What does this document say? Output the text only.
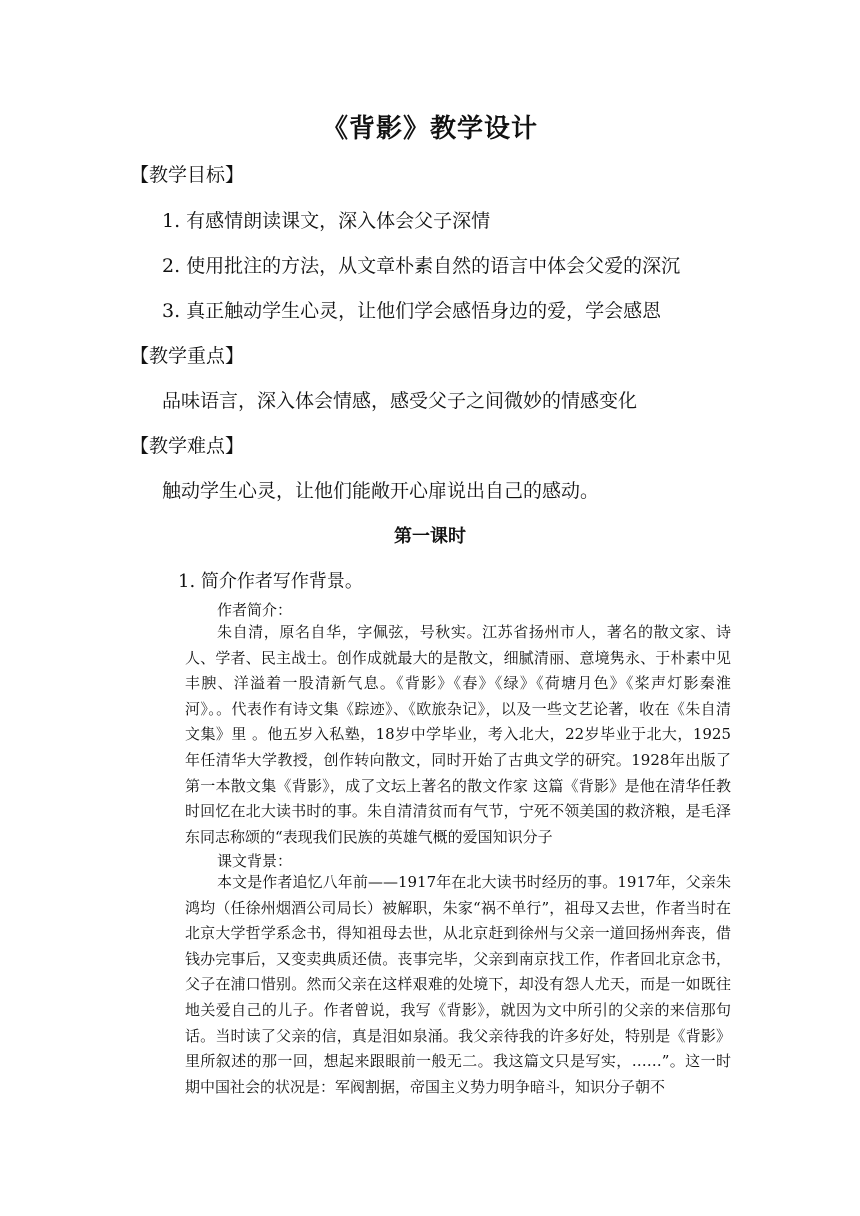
《背影》教学设计
【教学目标】
1. 有感情朗读课文，深入体会父子深情
2. 使用批注的方法，从文章朴素自然的语言中体会父爱的深沉
3. 真正触动学生心灵，让他们学会感悟身边的爱，学会感恩
【教学重点】
品味语言，深入体会情感，感受父子之间微妙的情感变化
【教学难点】
触动学生心灵，让他们能敞开心扉说出自己的感动。
第一课时
1. 简介作者写作背景。
作者简介：

朱自清，原名自华，字佩弦，号秋实。江苏省扬州市人，著名的散文家、诗人、学者、民主战士。创作成就最大的是散文，细腻清丽、意境隽永、于朴素中见丰腴、洋溢着一股清新气息。《背影》《春》《绿》《荷塘月色》《桨声灯影秦淮河》。。代表作有诗文集《踪迹》、《欧旅杂记》，以及一些文艺论著，收在《朱自清文集》里 。他五岁入私塾，18岁中学毕业，考入北大，22岁毕业于北大，1925年任清华大学教授，创作转向散文，同时开始了古典文学的研究。1928年出版了第一本散文集《背影》，成了文坛上著名的散文作家 这篇《背影》是他在清华任教时回忆在北大读书时的事。朱自清清贫而有气节，宁死不领美国的救济粮，是毛泽东同志称颂的“表现我们民族的英雄气概的爱国知识分子

课文背景：

本文是作者追忆八年前——1917年在北大读书时经历的事。1917年，父亲朱鸿均（任徐州烟酒公司局长）被解职，朱家“祸不单行”，祖母又去世，作者当时在北京大学哲学系念书，得知祖母去世，从北京赶到徐州与父亲一道回扬州奔丧，借钱办完事后，又变卖典质还债。丧事完毕，父亲到南京找工作，作者回北京念书，父子在浦口惜别。然而父亲在这样艰难的处境下，却没有怨人尤天，而是一如既往地关爱自己的儿子。作者曾说，我写《背影》，就因为文中所引的父亲的来信那句话。当时读了父亲的信，真是泪如泉涌。我父亲待我的许多好处，特别是《背影》里所叙述的那一回，想起来跟眼前一般无二。我这篇文只是写实，……”。这一时期中国社会的状况是：军阀割据，帝国主义势力明争暗斗，知识分子朝不
